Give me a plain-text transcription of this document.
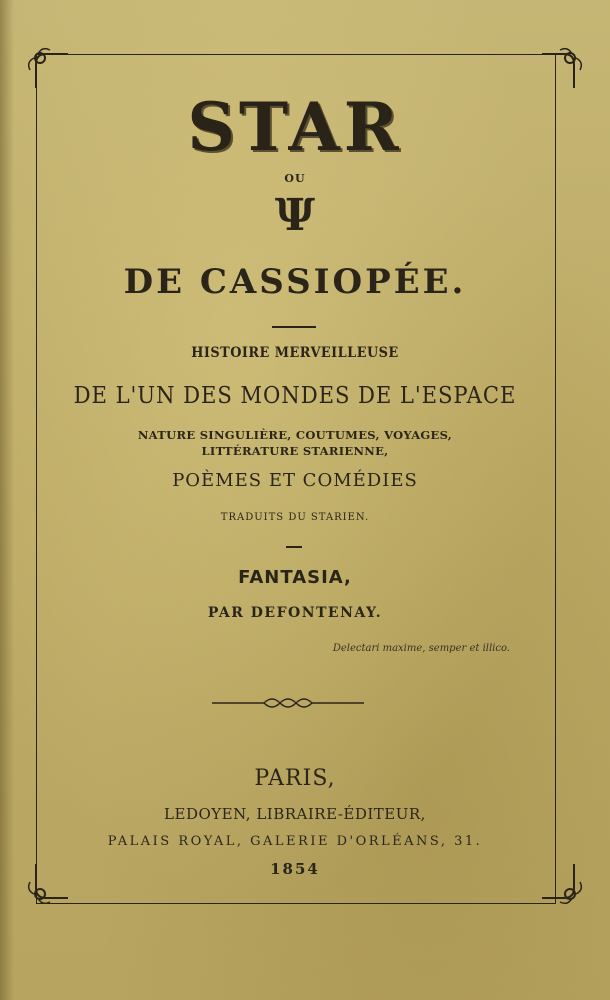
STAR
OU
Ψ
DE CASSIOPÉE.
HISTOIRE MERVEILLEUSE
DE L'UN DES MONDES DE L'ESPACE
NATURE SINGULIÈRE, COUTUMES, VOYAGES,
LITTÉRATURE STARIENNE,
POÈMES ET COMÉDIES
TRADUITS DU STARIEN.
FANTASIA,
PAR DEFONTENAY.
Delectari maxime, semper et illico.
PARIS,
LEDOYEN, LIBRAIRE-ÉDITEUR,
PALAIS ROYAL, GALERIE D'ORLÉANS, 31.
1854
